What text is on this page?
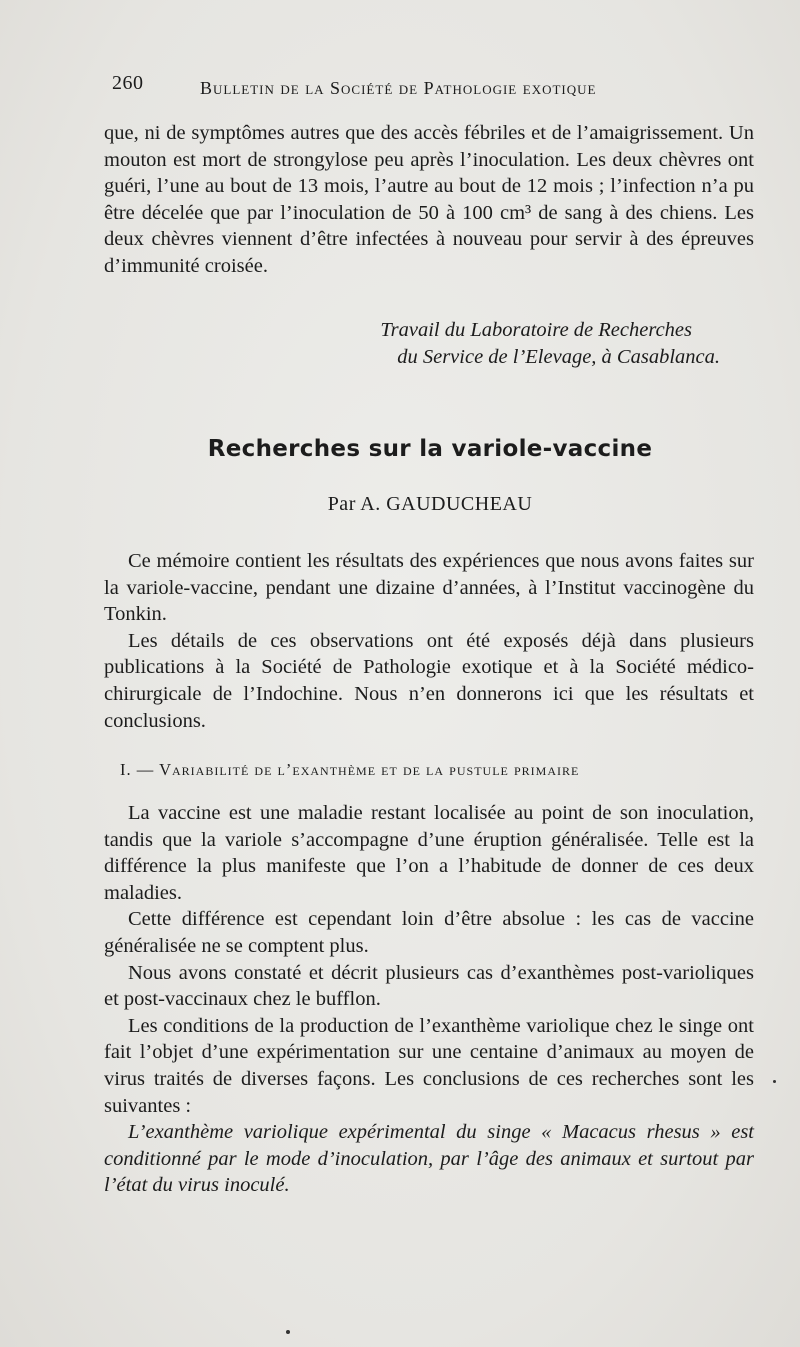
260	Bulletin de la Société de Pathologie exotique

que, ni de symptômes autres que des accès fébriles et de l’amaigrissement. Un mouton est mort de strongylose peu après l’inoculation. Les deux chèvres ont guéri, l’une au bout de 13 mois, l’autre au bout de 12 mois ; l’infection n’a pu être décelée que par l’inoculation de 50 à 100 cm³ de sang à des chiens. Les deux chèvres viennent d’être infectées à nouveau pour servir à des épreuves d’immunité croisée.

Travail du Laboratoire de Recherches
du Service de l’Elevage, à Casablanca.
Recherches sur la variole-vaccine
Par A. GAUDUCHEAU

Ce mémoire contient les résultats des expériences que nous avons faites sur la variole-vaccine, pendant une dizaine d’années, à l’Institut vaccinogène du Tonkin.

Les détails de ces observations ont été exposés déjà dans plusieurs publications à la Société de Pathologie exotique et à la Société médico-chirurgicale de l’Indochine. Nous n’en donnerons ici que les résultats et conclusions.

I. — Variabilité de l’exanthème et de la pustule primaire

La vaccine est une maladie restant localisée au point de son inoculation, tandis que la variole s’accompagne d’une éruption généralisée. Telle est la différence la plus manifeste que l’on a l’habitude de donner de ces deux maladies.

Cette différence est cependant loin d’être absolue : les cas de vaccine généralisée ne se comptent plus.

Nous avons constaté et décrit plusieurs cas d’exanthèmes post-varioliques et post-vaccinaux chez le bufflon.

Les conditions de la production de l’exanthème variolique chez le singe ont fait l’objet d’une expérimentation sur une centaine d’animaux au moyen de virus traités de diverses façons. Les conclusions de ces recherches sont les suivantes :

L’exanthème variolique expérimental du singe « Macacus rhesus » est conditionné par le mode d’inoculation, par l’âge des animaux et surtout par l’état du virus inoculé.
